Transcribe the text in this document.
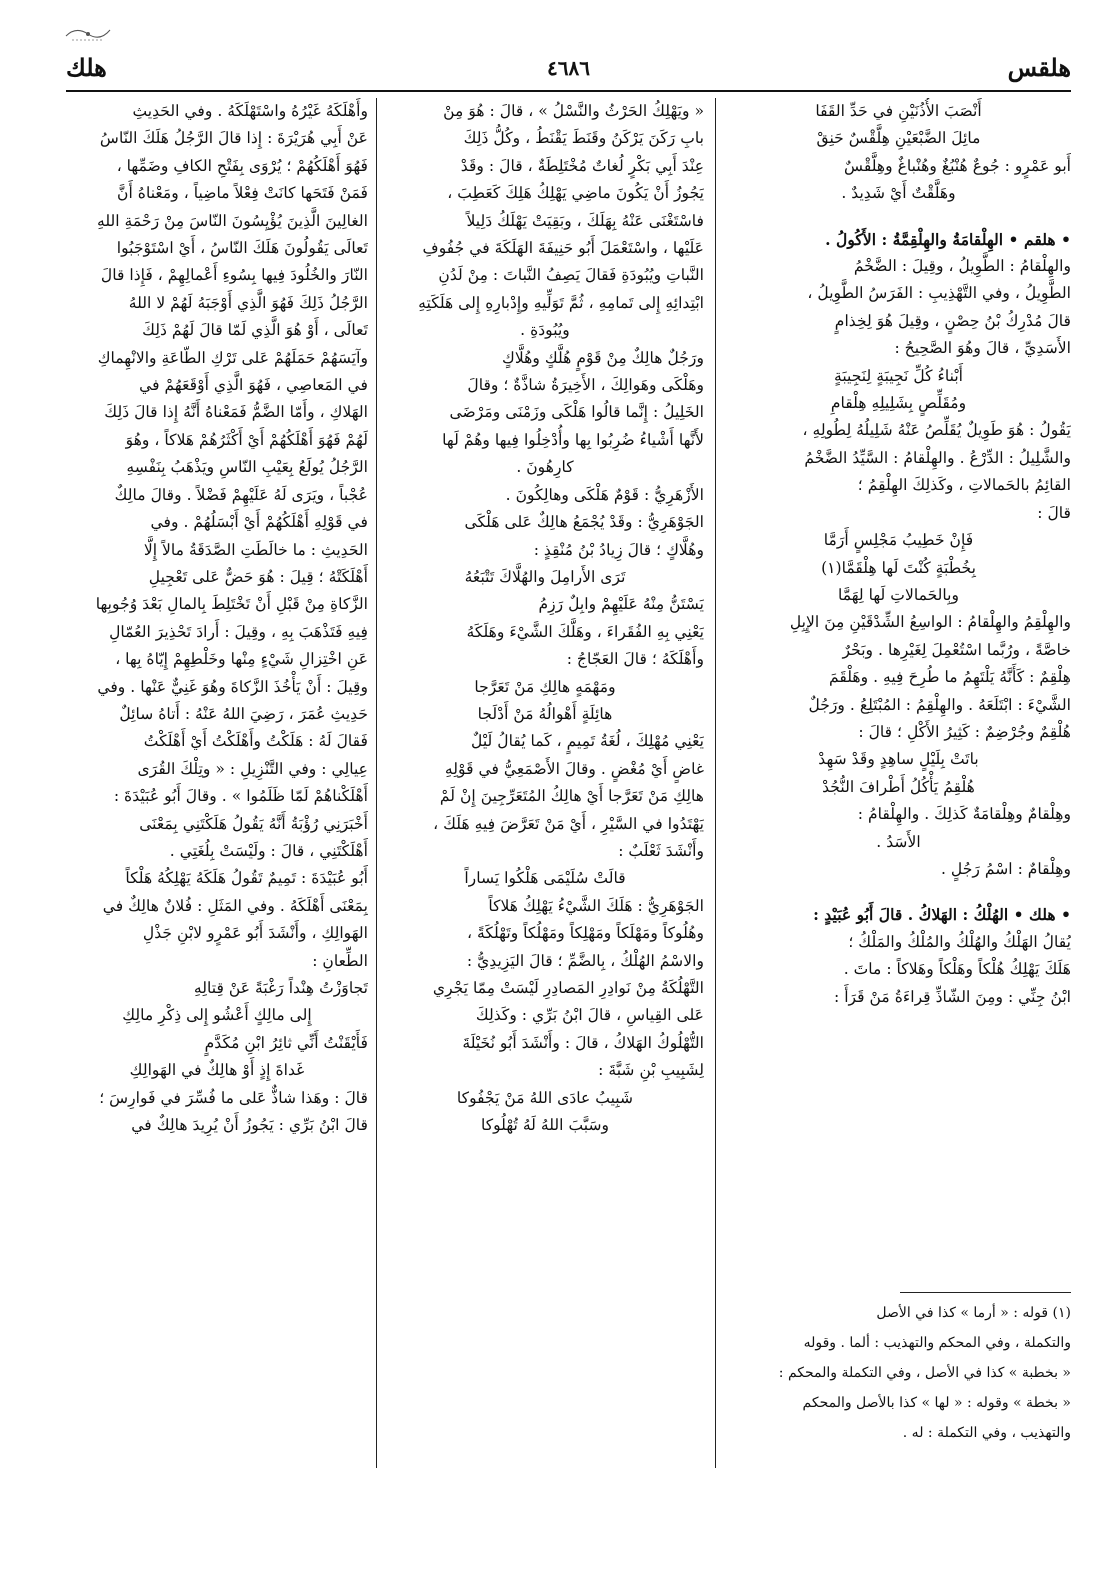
هلقس
٤٦٨٦
هلك
أَنْصَبَ الأُذُنَيْنِ في حَدِّ القَفَا
مائِلَ الضَّبْعَيْنِ هِلَّقْسٌ حَنِقْ
أَبو عَمْرٍو : جُوعٌ هُنْبُغٌ وهُنْباغٌ وهِلَّقْسٌ
وهَلَّقْتٌ أَيْ شَدِيدٌ .
• هلقم • الهِلْقامَةُ والهِلْقِمَّةُ : الأَكُولُ .
والهِلْقامُ : الطَّوِيلُ ، وقِيلَ : الضَّخْمُ
الطَّوِيلُ ، وفي التَّهْذِيبِ : الفَرَسُ الطَّوِيلُ ،
قالَ مُدْرِكُ بْنُ حِصْنٍ ، وقِيلَ هُوَ لِخِذامٍ
الأَسَدِيِّ ، قالَ وهُوَ الصَّحِيحُ :
أَبْناءُ كُلِّ نَجِيبَةٍ لِنَجِيبَةٍ
ومُقَلِّصٍ بِشَلِيلِهِ هِلْقامِ
يَقُولُ : هُوَ طَوِيلٌ يُقَلِّصُ عَنْهُ شَلِيلُهُ لِطُولِهِ ،
والشَّلِيلُ : الدِّرْعُ . والهِلْقامُ : السَّيِّدُ الضَّخْمُ
القائِمُ بالحَمالاتِ ، وكَذلِكَ الهِلْقِمُ ؛
قالَ :
فَإِنْ خَطِيبُ مَجْلِسٍ أَرَمَّا
بِخُطْبَةٍ كُنْتَ لَها هِلْقَمَّا(١)
وبِالحَمالاتِ لَها لِهَمَّا
والهِلْقِمُ والهِلْقامُ : الواسِعُ الشِّدْقَيْنِ مِنَ الإِبِلِ
خاصَّةً ، ورُبَّما اسْتُعْمِلَ لِغَيْرِها . وبَحْرٌ
هِلْقِمٌ : كَأَنَّهُ يَلْتَهِمُ ما طُرِحَ فِيهِ . وهَلْقَمَ
الشَّيْءَ : ابْتَلَعَهُ . والهِلْقِمُ : المُبْتَلِعُ . ورَجُلٌ
هُلْقِمٌ وجُرْضِمٌ : كَثِيرُ الأَكْلِ ؛ قالَ :
باتَتْ بِلَيْلٍ ساهِدٍ وقَدْ سَهِدْ
هُلْقِمُ يَأْكُلُ أَطْرافَ النُّجُدْ
وهِلْقامٌ وهِلْقامَةٌ كَذلِكَ . والهِلْقامُ :
الأَسَدُ .
وهِلْقامٌ : اسْمُ رَجُلٍ .
• هلك • الهُلْكُ : الهَلاكُ . قالَ أَبُو عُبَيْدٍ :
يُقالُ الهَلْكُ والهُلْكُ والمُلْكُ والمَلْكُ ؛
هَلَكَ يَهْلِكُ هُلْكاً وهَلْكاً وهَلاكاً : ماتَ .
ابْنُ جِنِّي : ومِنَ الشّاذِّ قِراءَةُ مَنْ قَرَأَ :
« ويَهْلِكُ الحَرْثُ والنَّسْلُ » ، قالَ : هُوَ مِنْ
بابِ رَكَنَ يَرْكَنُ وقَنَطَ يَقْنَطُ ، وكُلُّ ذَلِكَ
عِنْدَ أَبِي بَكْرٍ لُغاتٌ مُخْتَلِطَةٌ ، قالَ : وقَدْ
يَجُوزُ أَنْ يَكُونَ ماضِي يَهْلِكُ هَلِكَ كَعَطِبَ ،
فاسْتَغْنَى عَنْهُ بِهَلَكَ ، وبَقِيَتْ يَهْلَكُ دَلِيلاً
عَلَيْها ، واسْتَعْمَلَ أَبُو حَنِيفَةَ الهَلَكَةَ في جُفُوفِ
النَّباتِ ويُبُودَةِ فَقالَ يَصِفُ النَّباتَ : مِنْ لَدُنِ
ابْتِدائِهِ إِلى تَمامِهِ ، ثُمَّ تَوَلِّيهِ وإِدْبارِهِ إِلى هَلَكَتِهِ
ويُبُودَةِ .
ورَجُلٌ هالِكٌ مِنْ قَوْمٍ هُلَّكٍ وهُلَّاكٍ
وهَلْكَى وهَوالِكَ ، الأَخِيرَةُ شاذَّةٌ ؛ وقالَ
الخَلِيلُ : إِنَّما قالُوا هَلْكَى وزَمْنَى ومَرْضَى
لأَنَّها أَشْياءُ ضُرِبُوا بِها وأُدْخِلُوا فِيها وهُمْ لَها
كارِهُونَ .
الأَزْهَرِيُّ : قَوْمٌ هَلْكَى وهالِكُونَ .
الجَوْهَرِيُّ : وقَدْ يُجْمَعُ هالِكٌ عَلى هَلْكَى
وهُلَّاكٍ ؛ قالَ زِيادُ بْنُ مُنْقِذٍ :
تَرَى الأَرامِلَ والهُلَّاكَ تَتْبَعُهُ
يَسْتَنُّ مِنْهُ عَلَيْهِمْ وابِلٌ رَزِمُ
يَعْنِي بِهِ الفُقَراءَ ، وهَلَّكَ الشَّيْءَ وهَلَكَهُ
وأَهْلَكَهُ ؛ قالَ العَجّاجُ :
ومَهْمَهٍ هالِكِ مَنْ تَعَرَّجا
هائِلَةٍ أَهْوالُهُ مَنْ أَدْلَجا
يَعْنِي مُهْلِكَ ، لُغَةُ تَمِيمٍ ، كَما يُقالُ لَيْلٌ
غاضٍ أَيْ مُغْضٍ . وقالَ الأَصْمَعِيُّ في قَوْلِهِ
هالِكِ مَنْ تَعَرَّجا أَيْ هالِكُ المُتَعَرِّجِينَ إِنْ لَمْ
يَهْتَدُوا في السَّيْرِ ، أَيْ مَنْ تَعَرَّضَ فِيهِ هَلَكَ ،
وأَنْشَدَ ثَعْلَبٌ :
قالَتْ سُلَيْمَى هَلْكُوا يَساراً
الجَوْهَرِيُّ : هَلَكَ الشَّيْءُ يَهْلِكُ هَلاكاً
وهُلُوكاً ومَهْلَكاً ومَهْلِكاً ومَهْلُكاً وتَهْلُكَةً ،
والاسْمُ الهُلْكُ ، بِالضَّمِّ ؛ قالَ اليَزِيدِيُّ :
التَّهْلُكَةُ مِنْ نَوادِرِ المَصادِرِ لَيْسَتْ مِمّا يَجْرِي
عَلى القِياسِ ، قالَ ابْنُ بَرِّي : وكَذلِكَ
التُّهْلُوكُ الهَلاكُ ، قالَ : وأَنْشَدَ أَبُو نُخَيْلَةَ
لِشَبِيبِ بْنِ شَبَّةَ :
شَبِيبُ عادَى اللهُ مَنْ يَجْفُوكا
وسَبَّبَ اللهُ لَهُ تُهْلُوكا
وأَهْلَكَهُ غَيْرُهُ واسْتَهْلَكَهُ . وفي الحَدِيثِ
عَنْ أَبِي هُرَيْرَةَ : إِذا قالَ الرَّجُلُ هَلَكَ النّاسُ
فَهُوَ أَهْلَكُهُمْ ؛ يُرْوَى بِفَتْحِ الكافِ وضَمِّها ،
فَمَنْ فَتَحَها كانَتْ فِعْلاً ماضِياً ، ومَعْناهُ أَنَّ
الغالِينَ الَّذِينَ يُؤْيِسُونَ النّاسَ مِنْ رَحْمَةِ اللهِ
تَعالَى يَقُولُونَ هَلَكَ النّاسُ ، أَيْ اسْتَوْجَبُوا
النّارَ والخُلُودَ فِيها بِسُوءِ أَعْمالِهِمْ ، فَإِذا قالَ
الرَّجُلُ ذَلِكَ فَهُوَ الَّذِي أَوْجَبَهُ لَهُمْ لا اللهُ
تَعالَى ، أَوْ هُوَ الَّذِي لَمّا قالَ لَهُمْ ذَلِكَ
وآيَسَهُمْ حَمَلَهُمْ عَلى تَرْكِ الطّاعَةِ والانْهِماكِ
في المَعاصِي ، فَهُوَ الَّذِي أَوْقَعَهُمْ في
الهَلاكِ ، وأَمّا الضَّمُّ فَمَعْناهُ أَنَّهُ إِذا قالَ ذَلِكَ
لَهُمْ فَهُوَ أَهْلَكُهُمْ أَيْ أَكْثَرُهُمْ هَلاكاً ، وهُوَ
الرَّجُلُ يُولَعُ بِعَيْبِ النّاسِ ويَذْهَبُ بِنَفْسِهِ
عُجْباً ، ويَرَى لَهُ عَلَيْهِمْ فَضْلاً . وقالَ مالِكٌ
في قَوْلِهِ أَهْلَكُهُمْ أَيْ أَبْسَلُهُمْ . وفي
الحَدِيثِ : ما خالَطَتِ الصَّدَقَةُ مالاً إِلَّا
أَهْلَكَتْهُ ؛ قِيلَ : هُوَ حَضٌّ عَلى تَعْجِيلِ
الزَّكاةِ مِنْ قَبْلِ أَنْ تَخْتَلِطَ بِالمالِ بَعْدَ وُجُوبِها
فِيهِ فَتَذْهَبَ بِهِ ، وقِيلَ : أَرادَ تَحْذِيرَ العُمّالِ
عَنِ اخْتِزالِ شَيْءٍ مِنْها وخَلْطِهِمْ إِيّاهُ بِها ،
وقِيلَ : أَنْ يَأْخُذَ الزَّكاةَ وهُوَ غَنِيٌّ عَنْها . وفي
حَدِيثِ عُمَرَ ، رَضِيَ اللهُ عَنْهُ : أَتاهُ سائِلٌ
فَقالَ لَهُ : هَلَكْتُ وأَهْلَكْتُ أَيْ أَهْلَكْتُ
عِيالِي : وفي التَّنْزِيلِ : « وتِلْكَ القُرَى
أَهْلَكْناهُمْ لَمّا ظَلَمُوا » . وقالَ أَبُو عُبَيْدَةَ :
أَخْبَرَنِي رُؤْبَةُ أَنَّهُ يَقُولُ هَلَكْتَنِي بِمَعْنَى
أَهْلَكْتَنِي ، قالَ : ولَيْسَتْ بِلُغَتِي .
أَبُو عُبَيْدَةَ : تَمِيمٌ تَقُولُ هَلَكَهُ يَهْلِكُهُ هَلْكاً
بِمَعْنَى أَهْلَكَهُ . وفي المَثَلِ : فُلانٌ هالِكٌ في
الهَوالِكِ ، وأَنْشَدَ أَبُو عَمْرٍو لابْنِ جَذْلِ
الطِّعانِ :
تَجاوَزْتُ هِنْداً رَغْبَةً عَنْ قِتالِهِ
إِلى مالِكٍ أَعْشُو إِلى ذِكْرِ مالِكِ
فَأَيْقَنْتُ أَنِّي ثائِرُ ابْنِ مُكَدَّمٍ
غَداةَ إِذٍ أَوْ هالِكٌ في الهَوالِكِ
قالَ : وهَذا شاذٌّ عَلى ما فُسِّرَ في فَوارِسَ ؛
قالَ ابْنُ بَرِّي : يَجُوزُ أَنْ يُرِيدَ هالِكٌ في
(١) قوله : « أرما » كذا في الأصل
والتكملة ، وفي المحكم والتهذيب : ألما . وقوله
« بخطبة » كذا في الأصل ، وفي التكملة والمحكم :
« بخطة » وقوله : « لها » كذا بالأصل والمحكم
والتهذيب ، وفي التكملة : له .
